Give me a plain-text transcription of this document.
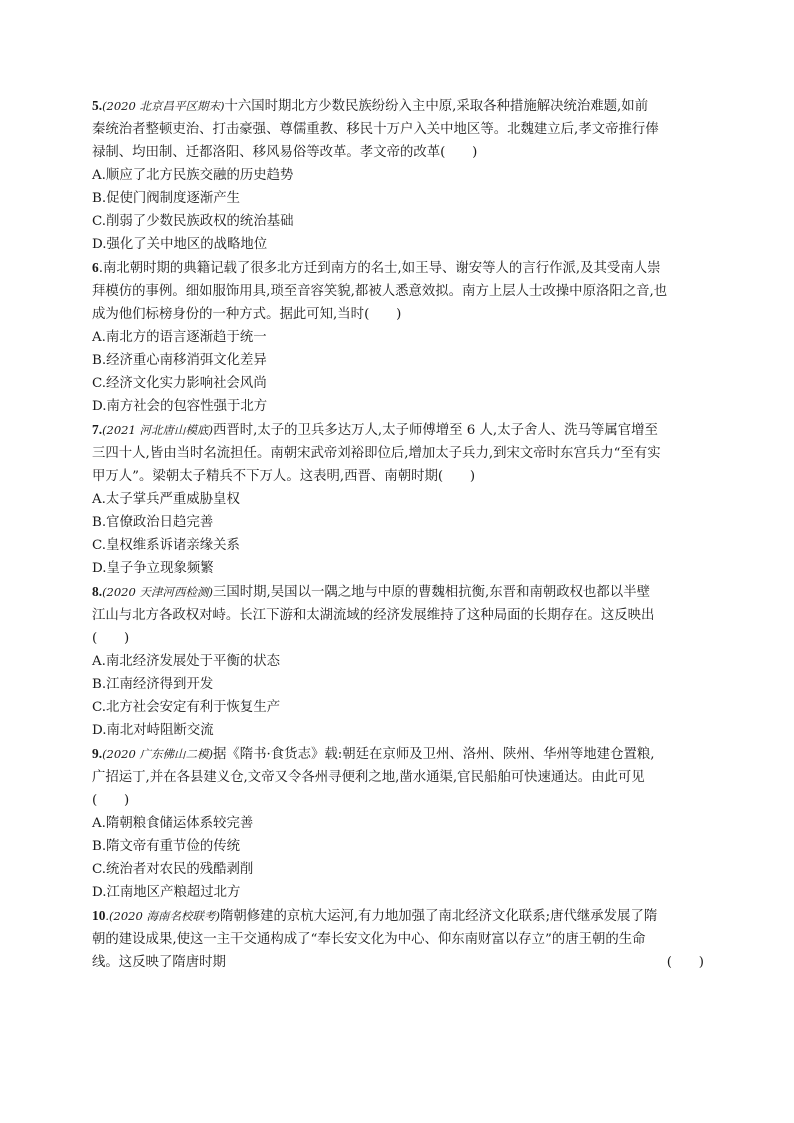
5.(2020 北京昌平区期末)十六国时期北方少数民族纷纷入主中原,采取各种措施解决统治难题,如前
秦统治者整顿吏治、打击豪强、尊儒重教、移民十万户入关中地区等。北魏建立后,孝文帝推行俸
禄制、均田制、迁都洛阳、移风易俗等改革。孝文帝的改革(　　)
A.顺应了北方民族交融的历史趋势
B.促使门阀制度逐渐产生
C.削弱了少数民族政权的统治基础
D.强化了关中地区的战略地位
6.南北朝时期的典籍记载了很多北方迁到南方的名士,如王导、谢安等人的言行作派,及其受南人崇
拜模仿的事例。细如服饰用具,琐至音容笑貌,都被人悉意效拟。南方上层人士改操中原洛阳之音,也
成为他们标榜身份的一种方式。据此可知,当时(　　)
A.南北方的语言逐渐趋于统一
B.经济重心南移消弭文化差异
C.经济文化实力影响社会风尚
D.南方社会的包容性强于北方
7.(2021 河北唐山模底)西晋时,太子的卫兵多达万人,太子师傅增至 6 人,太子舍人、洗马等属官增至
三四十人,皆由当时名流担任。南朝宋武帝刘裕即位后,增加太子兵力,到宋文帝时东宫兵力“至有实
甲万人”。梁朝太子精兵不下万人。这表明,西晋、南朝时期(　　)
A.太子掌兵严重威胁皇权
B.官僚政治日趋完善
C.皇权维系诉诸亲缘关系
D.皇子争立现象频繁
8.(2020 天津河西检测)三国时期,吴国以一隅之地与中原的曹魏相抗衡,东晋和南朝政权也都以半壁
江山与北方各政权对峙。长江下游和太湖流域的经济发展维持了这种局面的长期存在。这反映出
(　　)
A.南北经济发展处于平衡的状态
B.江南经济得到开发
C.北方社会安定有利于恢复生产
D.南北对峙阻断交流
9.(2020 广东佛山二模)据《隋书·食货志》载:朝廷在京师及卫州、洛州、陕州、华州等地建仓置粮,
广招运丁,并在各县建义仓,文帝又令各州寻便利之地,凿水通渠,官民船舶可快速通达。由此可见
(　　)
A.隋朝粮食储运体系较完善
B.隋文帝有重节俭的传统
C.统治者对农民的残酷剥削
D.江南地区产粮超过北方
10.(2020 海南名校联考)隋朝修建的京杭大运河,有力地加强了南北经济文化联系;唐代继承发展了隋
朝的建设成果,使这一主干交通构成了“奉长安文化为中心、仰东南财富以存立”的唐王朝的生命
线。这反映了隋唐时期	(　　)
